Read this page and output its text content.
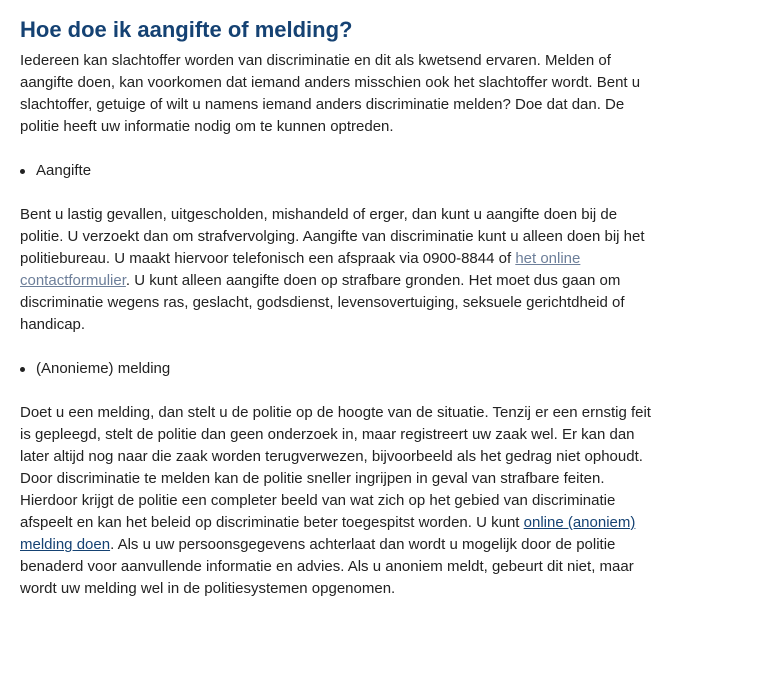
Hoe doe ik aangifte of melding?

Iedereen kan slachtoffer worden van discriminatie en dit als kwetsend ervaren. Melden of aangifte doen, kan voorkomen dat iemand anders misschien ook het slachtoffer wordt. Bent u slachtoffer, getuige of wilt u namens iemand anders discriminatie melden? Doe dat dan. De politie heeft uw informatie nodig om te kunnen optreden.

Aangifte

Bent u lastig gevallen, uitgescholden, mishandeld of erger, dan kunt u aangifte doen bij de politie. U verzoekt dan om strafvervolging. Aangifte van discriminatie kunt u alleen doen bij het politiebureau. U maakt hiervoor telefonisch een afspraak via 0900-8844 of het online contactformulier. U kunt alleen aangifte doen op strafbare gronden. Het moet dus gaan om discriminatie wegens ras, geslacht, godsdienst, levensovertuiging, seksuele gerichtdheid of handicap.

(Anonieme) melding

Doet u een melding, dan stelt u de politie op de hoogte van de situatie. Tenzij er een ernstig feit is gepleegd, stelt de politie dan geen onderzoek in, maar registreert uw zaak wel. Er kan dan later altijd nog naar die zaak worden terugverwezen, bijvoorbeeld als het gedrag niet ophoudt. Door discriminatie te melden kan de politie sneller ingrijpen in geval van strafbare feiten. Hierdoor krijgt de politie een completer beeld van wat zich op het gebied van discriminatie afspeelt en kan het beleid op discriminatie beter toegespitst worden. U kunt online (anoniem) melding doen. Als u uw persoonsgegevens achterlaat dan wordt u mogelijk door de politie benaderd voor aanvullende informatie en advies. Als u anoniem meldt, gebeurt dit niet, maar wordt uw melding wel in de politiesystemen opgenomen.
